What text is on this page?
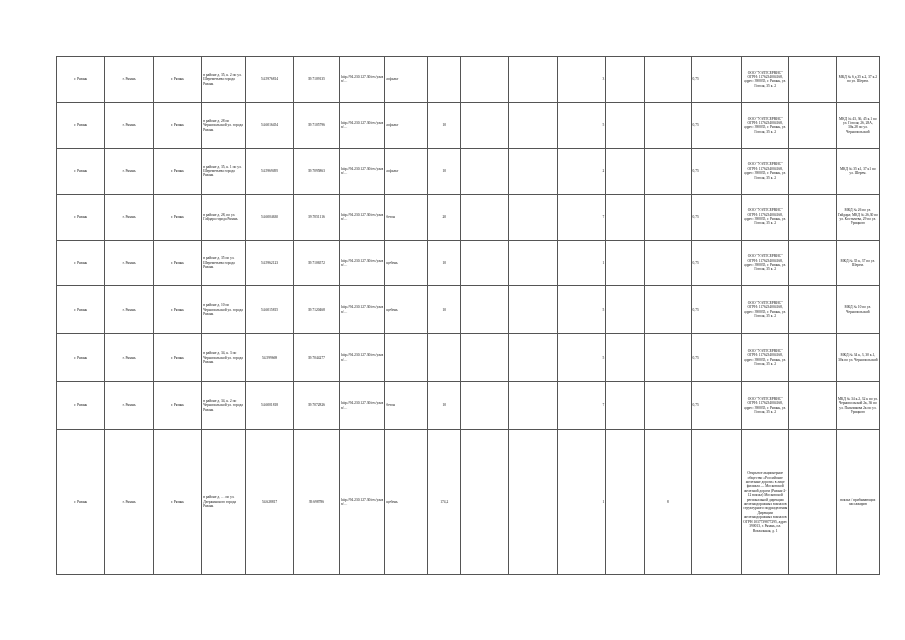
г. Рязань	г. Рязань	г. Рязань	в районе д. 35, к. 2 по ул. Шереметьева города Рязань	54.5976814	39.7109135	http://94.230.127.30/rec/yazan/…	асфальт				3			0,75	ООО "УЭЛТСЕРВИС" ОГРН: 1176234004168, адрес: 390035, г. Рязань, ул. Гоголя, 35 к. 2		МКД № 6 д.35 к.2, 37 к.2 по ул. Шерем.
г. Рязань	г. Рязань	г. Рязань	в районе д. 28 по Чернопольской ул. города Рязань	54.6016454	39.7105796	http://94.230.127.30/rec/yazan/…	асфальт	10			5			0,75	ООО "УЭЛТСЕРВИС" ОГРН: 1176234004168, адрес: 390035, г. Рязань, ул. Гоголя, 35 к. 2		МКД № 43, 36, 45 к.1 по ул. Гоголя; 26, 28А, 30к.28 по ул. Чернопольской
г. Рязань	г. Рязань	г. Рязань	в районе д. 35, к. 1 по ул. Шереметьева города Рязань	54.5969495	39.7095863	http://94.230.127.30/rec/yazan/…	асфальт	10			2			0,75	ООО "УЭЛТСЕРВИС" ОГРН: 1176234004168, адрес: 390035, г. Рязань, ул. Гоголя, 35 к. 2		МКД № 35 к1, 37 к1 по ул. Шерем.
г. Рязань	г. Рязань	г. Рязань	в районе д. 28, по ул. Гайдара города Рязань	54.6004630	39.7051116	http://94.230.127.30/rec/yazan/…	бетон	20			7			0,75	ООО "УЭЛТСЕРВИС" ОГРН: 1176234004168, адрес: 390035, г. Рязань, ул. Гоголя, 35 к. 2		МКД № 26 по ул. Гайдара; МКД № 26,30 по ул. Костычева, 29 по ул. Урицкого
г. Рязань	г. Рязань	г. Рязань	в районе д. 35 по ул. Шереметьева города Рязань	54.5962123	39.7106572	http://94.230.127.30/rec/yazan/…	щебень	10			1			0,75	ООО "УЭЛТСЕРВИС" ОГРН: 1176234004168, адрес: 390035, г. Рязань, ул. Гоголя, 35 к. 2		МКД № 35 к, 37 по ул. Шерем.
г. Рязань	г. Рязань	г. Рязань	в районе д. 10 по Чернопольской ул. города Рязань	54.6015815	39.7120468	http://94.230.127.30/rec/yazan/…	щебень	10			5			0,75	ООО "УЭЛТСЕРВИС" ОГРН: 1176234004168, адрес: 390035, г. Рязань, ул. Гоголя, 35 к. 2		МКД № 10 по ул. Чернопольской
г. Рязань	г. Рязань	г. Рязань	в районе д. 34, к. 3 по Чернопольской ул. города Рязань	54.599669	39.7044277	http://94.230.127.30/rec/yazan/…					5			0,75	ООО "УЭЛТСЕРВИС" ОГРН: 1176234004168, адрес: 390035, г. Рязань, ул. Гоголя, 35 к. 2		МКД № 34 к, 3, 30 к.1, 30к по ул. Чернопольской
г. Рязань	г. Рязань	г. Рязань	в районе д. 34, к. 2 по Чернопольской ул. города Рязань	54.6001818	39.7072826	http://94.230.127.30/rec/yazan/…	бетон	10			7			0,75	ООО "УЭЛТСЕРВИС" ОГРН: 1176234004168, адрес: 390035, г. Рязань, ул. Гоголя, 35 к. 2		МКД № 34 к.2, 32 к по ул. Чернопольской 2к, 36 по ул. Пальчикова 2к по ул. Урицкого
г. Рязань	г. Рязань	г. Рязань	в районе д. … по ул. Дзержинского города Рязань	54.628817	39.698786	http://94.230.127.30/rec/yazan/…	щебень	174,2			1		8		Открытое акционерное общество «Российские железные дороги» в лице филиала — Московской железной дороги (Рязань-2-12 вокзал) Московской региональной дирекции железнодорожных вокзалов структурного подразделения Дирекции железнодорожных вокзалов ОГРН 1037739877295, адрес 390013, г. Рязань, пл. Вокзальная, д. 1		вокзал / прибывающих пассажиров
